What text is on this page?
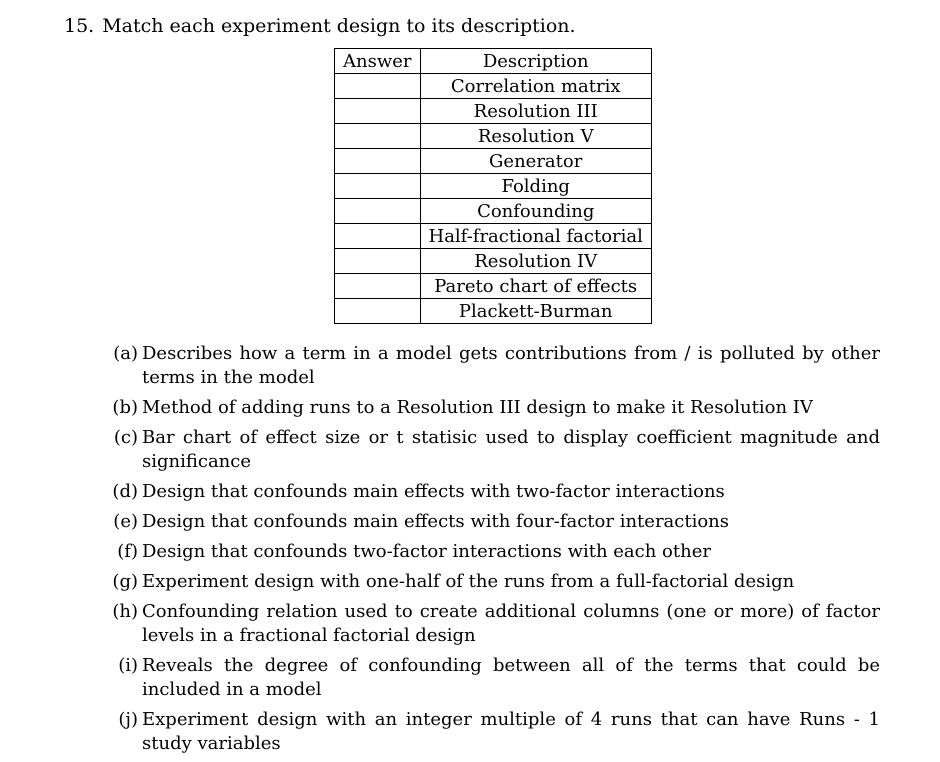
15. Match each experiment design to its description.
Answer	Description
	Correlation matrix
	Resolution III
	Resolution V
	Generator
	Folding
	Confounding
	Half-fractional factorial
	Resolution IV
	Pareto chart of effects
	Plackett-Burman
(a) Describes how a term in a model gets contributions from / is polluted by other terms in the model
(b) Method of adding runs to a Resolution III design to make it Resolution IV
(c) Bar chart of effect size or t statisic used to display coefficient magnitude and significance
(d) Design that confounds main effects with two-factor interactions
(e) Design that confounds main effects with four-factor interactions
(f) Design that confounds two-factor interactions with each other
(g) Experiment design with one-half of the runs from a full-factorial design
(h) Confounding relation used to create additional columns (one or more) of factor levels in a fractional factorial design
(i) Reveals the degree of confounding between all of the terms that could be included in a model
(j) Experiment design with an integer multiple of 4 runs that can have Runs - 1 study variables
